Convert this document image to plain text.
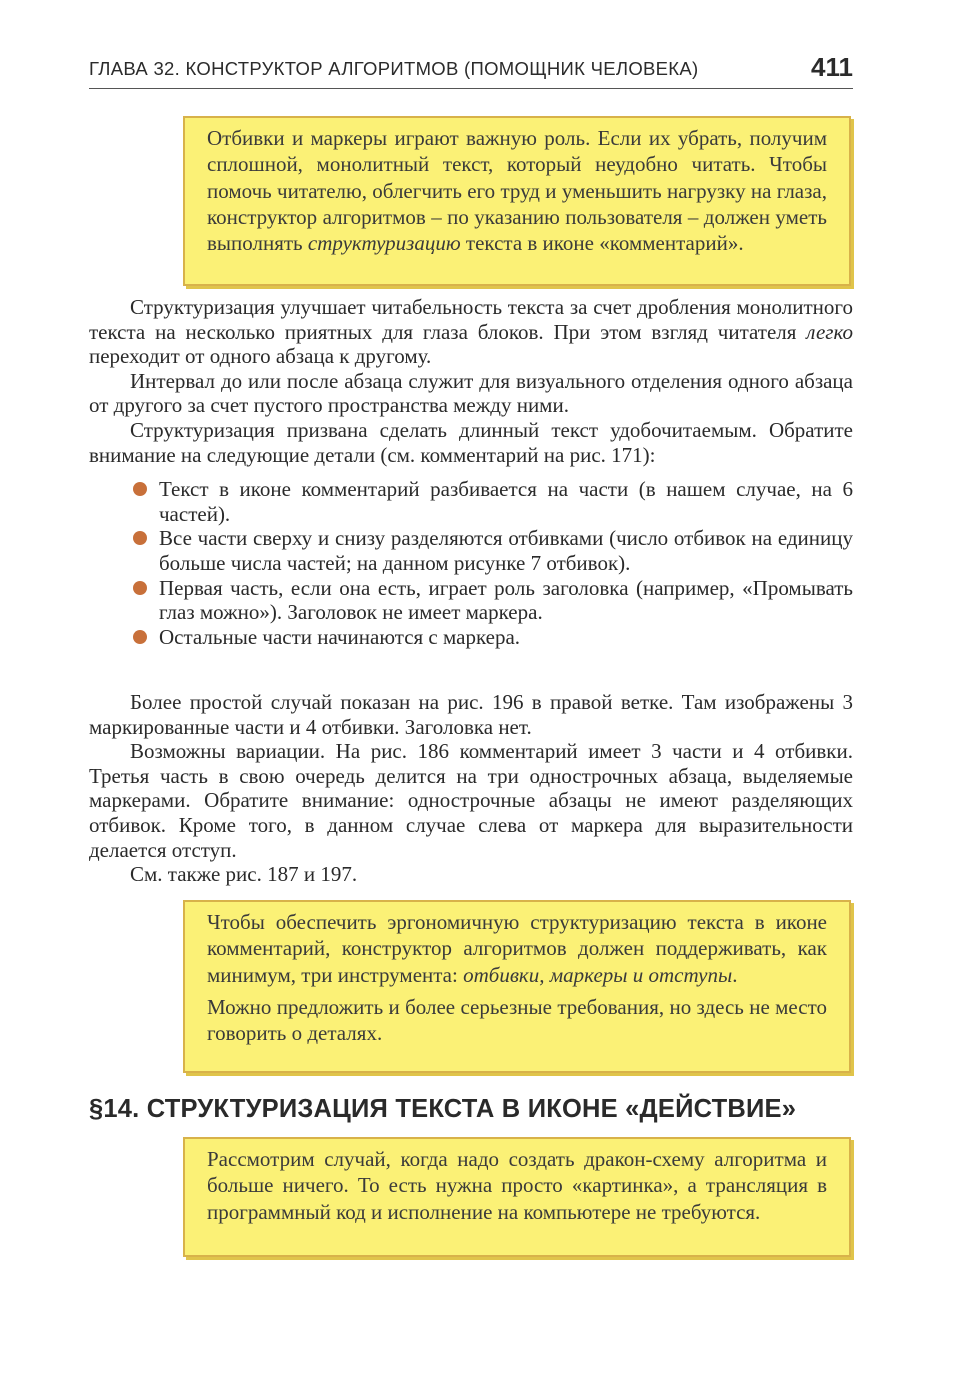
ГЛАВА 32. КОНСТРУКТОР АЛГОРИТМОВ (ПОМОЩНИК ЧЕЛОВЕКА)	411

Отбивки и маркеры играют важную роль. Если их убрать, получим сплошной, монолитный текст, который неудобно читать. Чтобы помочь читателю, облегчить его труд и уменьшить нагрузку на глаза, конструктор алгоритмов – по указанию пользователя – должен уметь выполнять структуризацию текста в иконе «комментарий».

Структуризация улучшает читабельность текста за счет дробления монолитного текста на несколько приятных для глаза блоков. При этом взгляд читателя легко переходит от одного абзаца к другому.

Интервал до или после абзаца служит для визуального отделения одного абзаца от другого за счет пустого пространства между ними.

Структуризация призвана сделать длинный текст удобочитаемым. Обратите внимание на следующие детали (см. комментарий на рис. 171):

Текст в иконе комментарий разбивается на части (в нашем случае, на 6 частей).
Все части сверху и снизу разделяются отбивками (число отбивок на единицу больше числа частей; на данном рисунке 7 отбивок).
Первая часть, если она есть, играет роль заголовка (например, «Промывать глаз можно»). Заголовок не имеет маркера.
Остальные части начинаются с маркера.

Более простой случай показан на рис. 196 в правой ветке. Там изображены 3 маркированные части и 4 отбивки. Заголовка нет.

Возможны вариации. На рис. 186 комментарий имеет 3 части и 4 отбивки. Третья часть в свою очередь делится на три однострочных абзаца, выделяемые маркерами. Обратите внимание: однострочные абзацы не имеют разделяющих отбивок. Кроме того, в данном случае слева от маркера для выразительности делается отступ.

См. также рис. 187 и 197.

Чтобы обеспечить эргономичную структуризацию текста в иконе комментарий, конструктор алгоритмов должен поддерживать, как минимум, три инструмента: отбивки, маркеры и отступы.

Можно предложить и более серьезные требования, но здесь не место говорить о деталях.

§14. СТРУКТУРИЗАЦИЯ ТЕКСТА В ИКОНЕ «ДЕЙСТВИЕ»

Рассмотрим случай, когда надо создать дракон-схему алгоритма и больше ничего. То есть нужна просто «картинка», а трансляция в программный код и исполнение на компьютере не требуются.
